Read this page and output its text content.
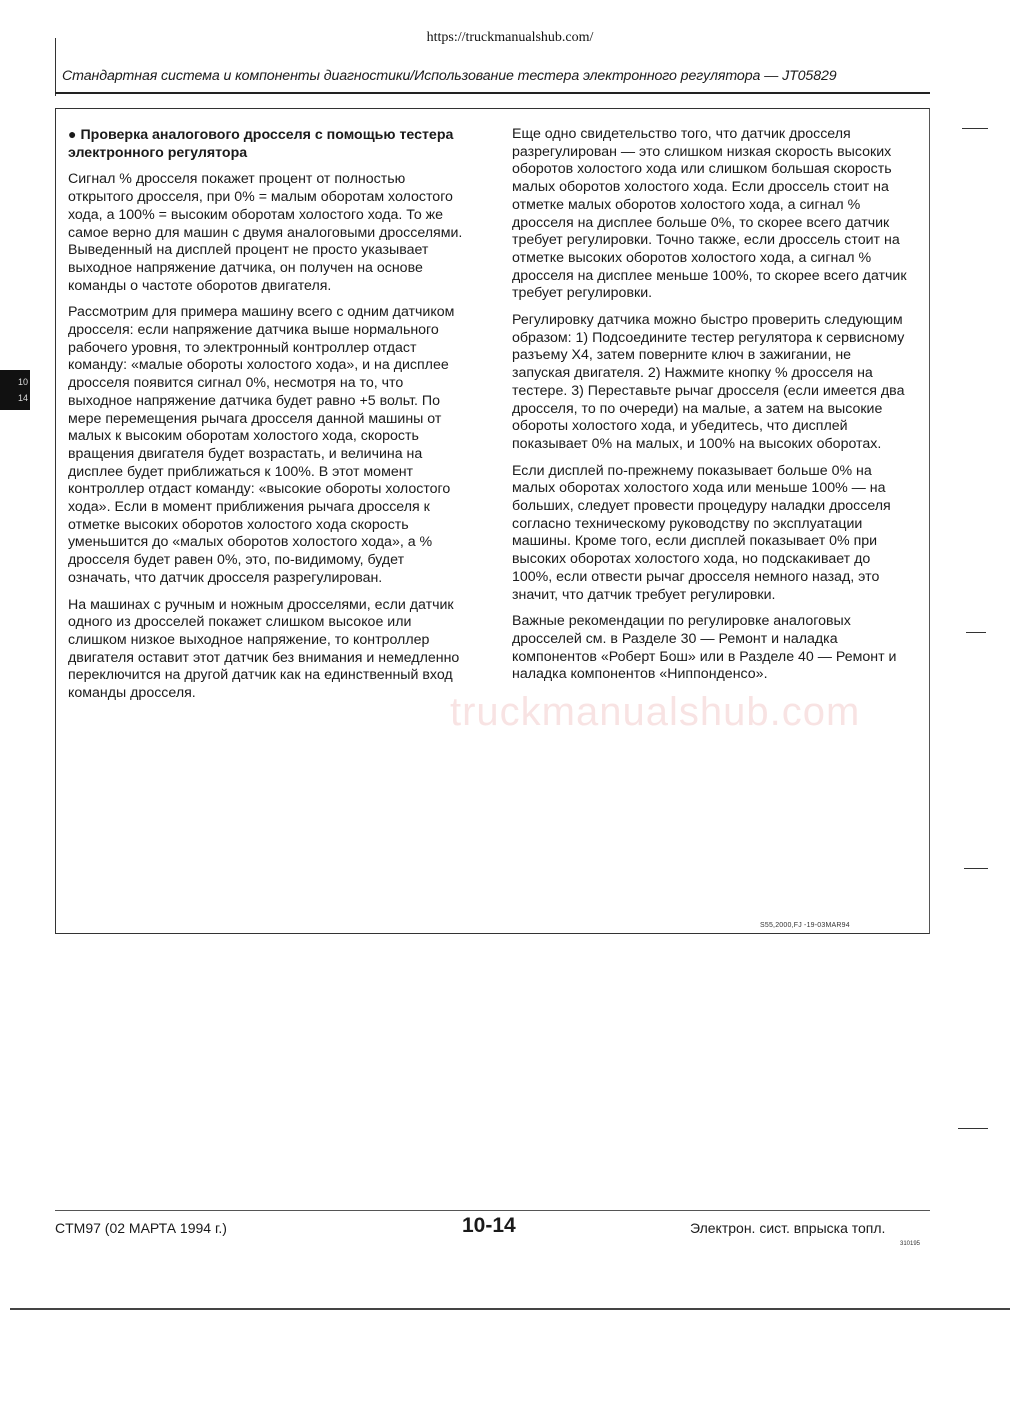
https://truckmanualshub.com/
Стандартная система и компоненты диагностики/Использование тестера электронного регулятора — JT05829
10
14
truckmanualshub.com
● Проверка аналогового дросселя с помощью тестера электронного регулятора

Сигнал % дросселя покажет процент от полностью открытого дросселя, при 0% = малым оборотам холостого хода, а 100% = высоким оборотам холостого хода. То же самое верно для машин с двумя аналоговыми дросселями. Выведенный на дисплей процент не просто указывает выходное напряжение датчика, он получен на основе команды о частоте оборотов двигателя.

Рассмотрим для примера машину всего с одним датчиком дросселя: если напряжение датчика выше нормального рабочего уровня, то электронный контроллер отдаст команду: «малые обороты холостого хода», и на дисплее дросселя появится сигнал 0%, несмотря на то, что выходное напряжение датчика будет равно +5 вольт. По мере перемещения рычага дросселя данной машины от малых к высоким оборотам холостого хода, скорость вращения двигателя будет возрастать, и величина на дисплее будет приближаться к 100%. В этот момент контроллер отдаст команду: «высокие обороты холостого хода». Если в момент приближения рычага дросселя к отметке высоких оборотов холостого хода скорость уменьшится до «малых оборотов холостого хода», а % дросселя будет равен 0%, это, по-видимому, будет означать, что датчик дросселя разрегулирован.

На машинах с ручным и ножным дросселями, если датчик одного из дросселей покажет слишком высокое или слишком низкое выходное напряжение, то контроллер двигателя оставит этот датчик без внимания и немедленно переключится на другой датчик как на единственный вход команды дросселя.

Еще одно свидетельство того, что датчик дросселя разрегулирован — это слишком низкая скорость высоких оборотов холостого хода или слишком большая скорость малых оборотов холостого хода. Если дроссель стоит на отметке малых оборотов холостого хода, а сигнал % дросселя на дисплее больше 0%, то скорее всего датчик требует регулировки. Точно также, если дроссель стоит на отметке высоких оборотов холостого хода, а сигнал % дросселя на дисплее меньше 100%, то скорее всего датчик требует регулировки.

Регулировку датчика можно быстро проверить следующим образом: 1) Подсоедините тестер регулятора к сервисному разъему X4, затем поверните ключ в зажигании, не запуская двигателя. 2) Нажмите кнопку % дросселя на тестере. 3) Переставьте рычаг дросселя (если имеется два дросселя, то по очереди) на малые, а затем на высокие обороты холостого хода, и убедитесь, что дисплей показывает 0% на малых, и 100% на высоких оборотах.

Если дисплей по-прежнему показывает больше 0% на малых оборотах холостого хода или меньше 100% — на больших, следует провести процедуру наладки дросселя согласно техническому руководству по эксплуатации машины. Кроме того, если дисплей показывает 0% при высоких оборотах холостого хода, но подскакивает до 100%, если отвести рычаг дросселя немного назад, это значит, что датчик требует регулировки.

Важные рекомендации по регулировке аналоговых дросселей см. в Разделе 30 — Ремонт и наладка компонентов «Роберт Бош» или в Разделе 40 — Ремонт и наладка компонентов «Ниппонденсо».

S55,2000,FJ -19-03MAR94
CTM97 (02 МАРТА 1994 г.)	10-14	Электрон. сист. впрыска топл.
310195
